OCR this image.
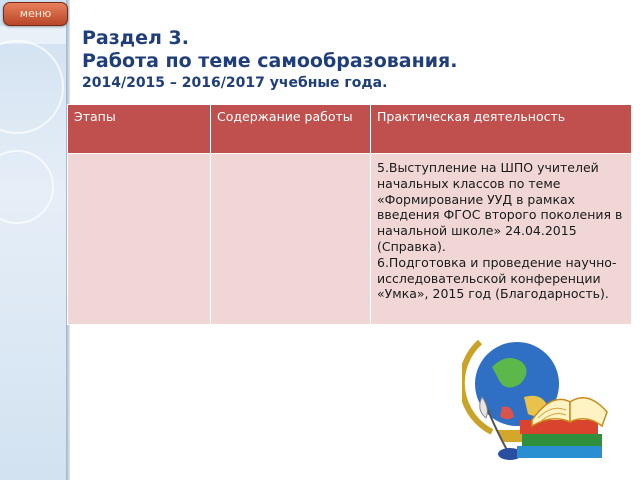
меню
Раздел 3.
Работа по теме самообразования.
2014/2015 – 2016/2017 учебные года.
Этапы	Содержание работы	Практическая деятельность

		5.Выступление на ШПО учителей начальных классов по теме «Формирование УУД в рамках введения ФГОС второго поколения в начальной школе» 24.04.2015 (Справка).
6.Подготовка и проведение научно-исследовательской конференции «Умка», 2015 год (Благодарность).
